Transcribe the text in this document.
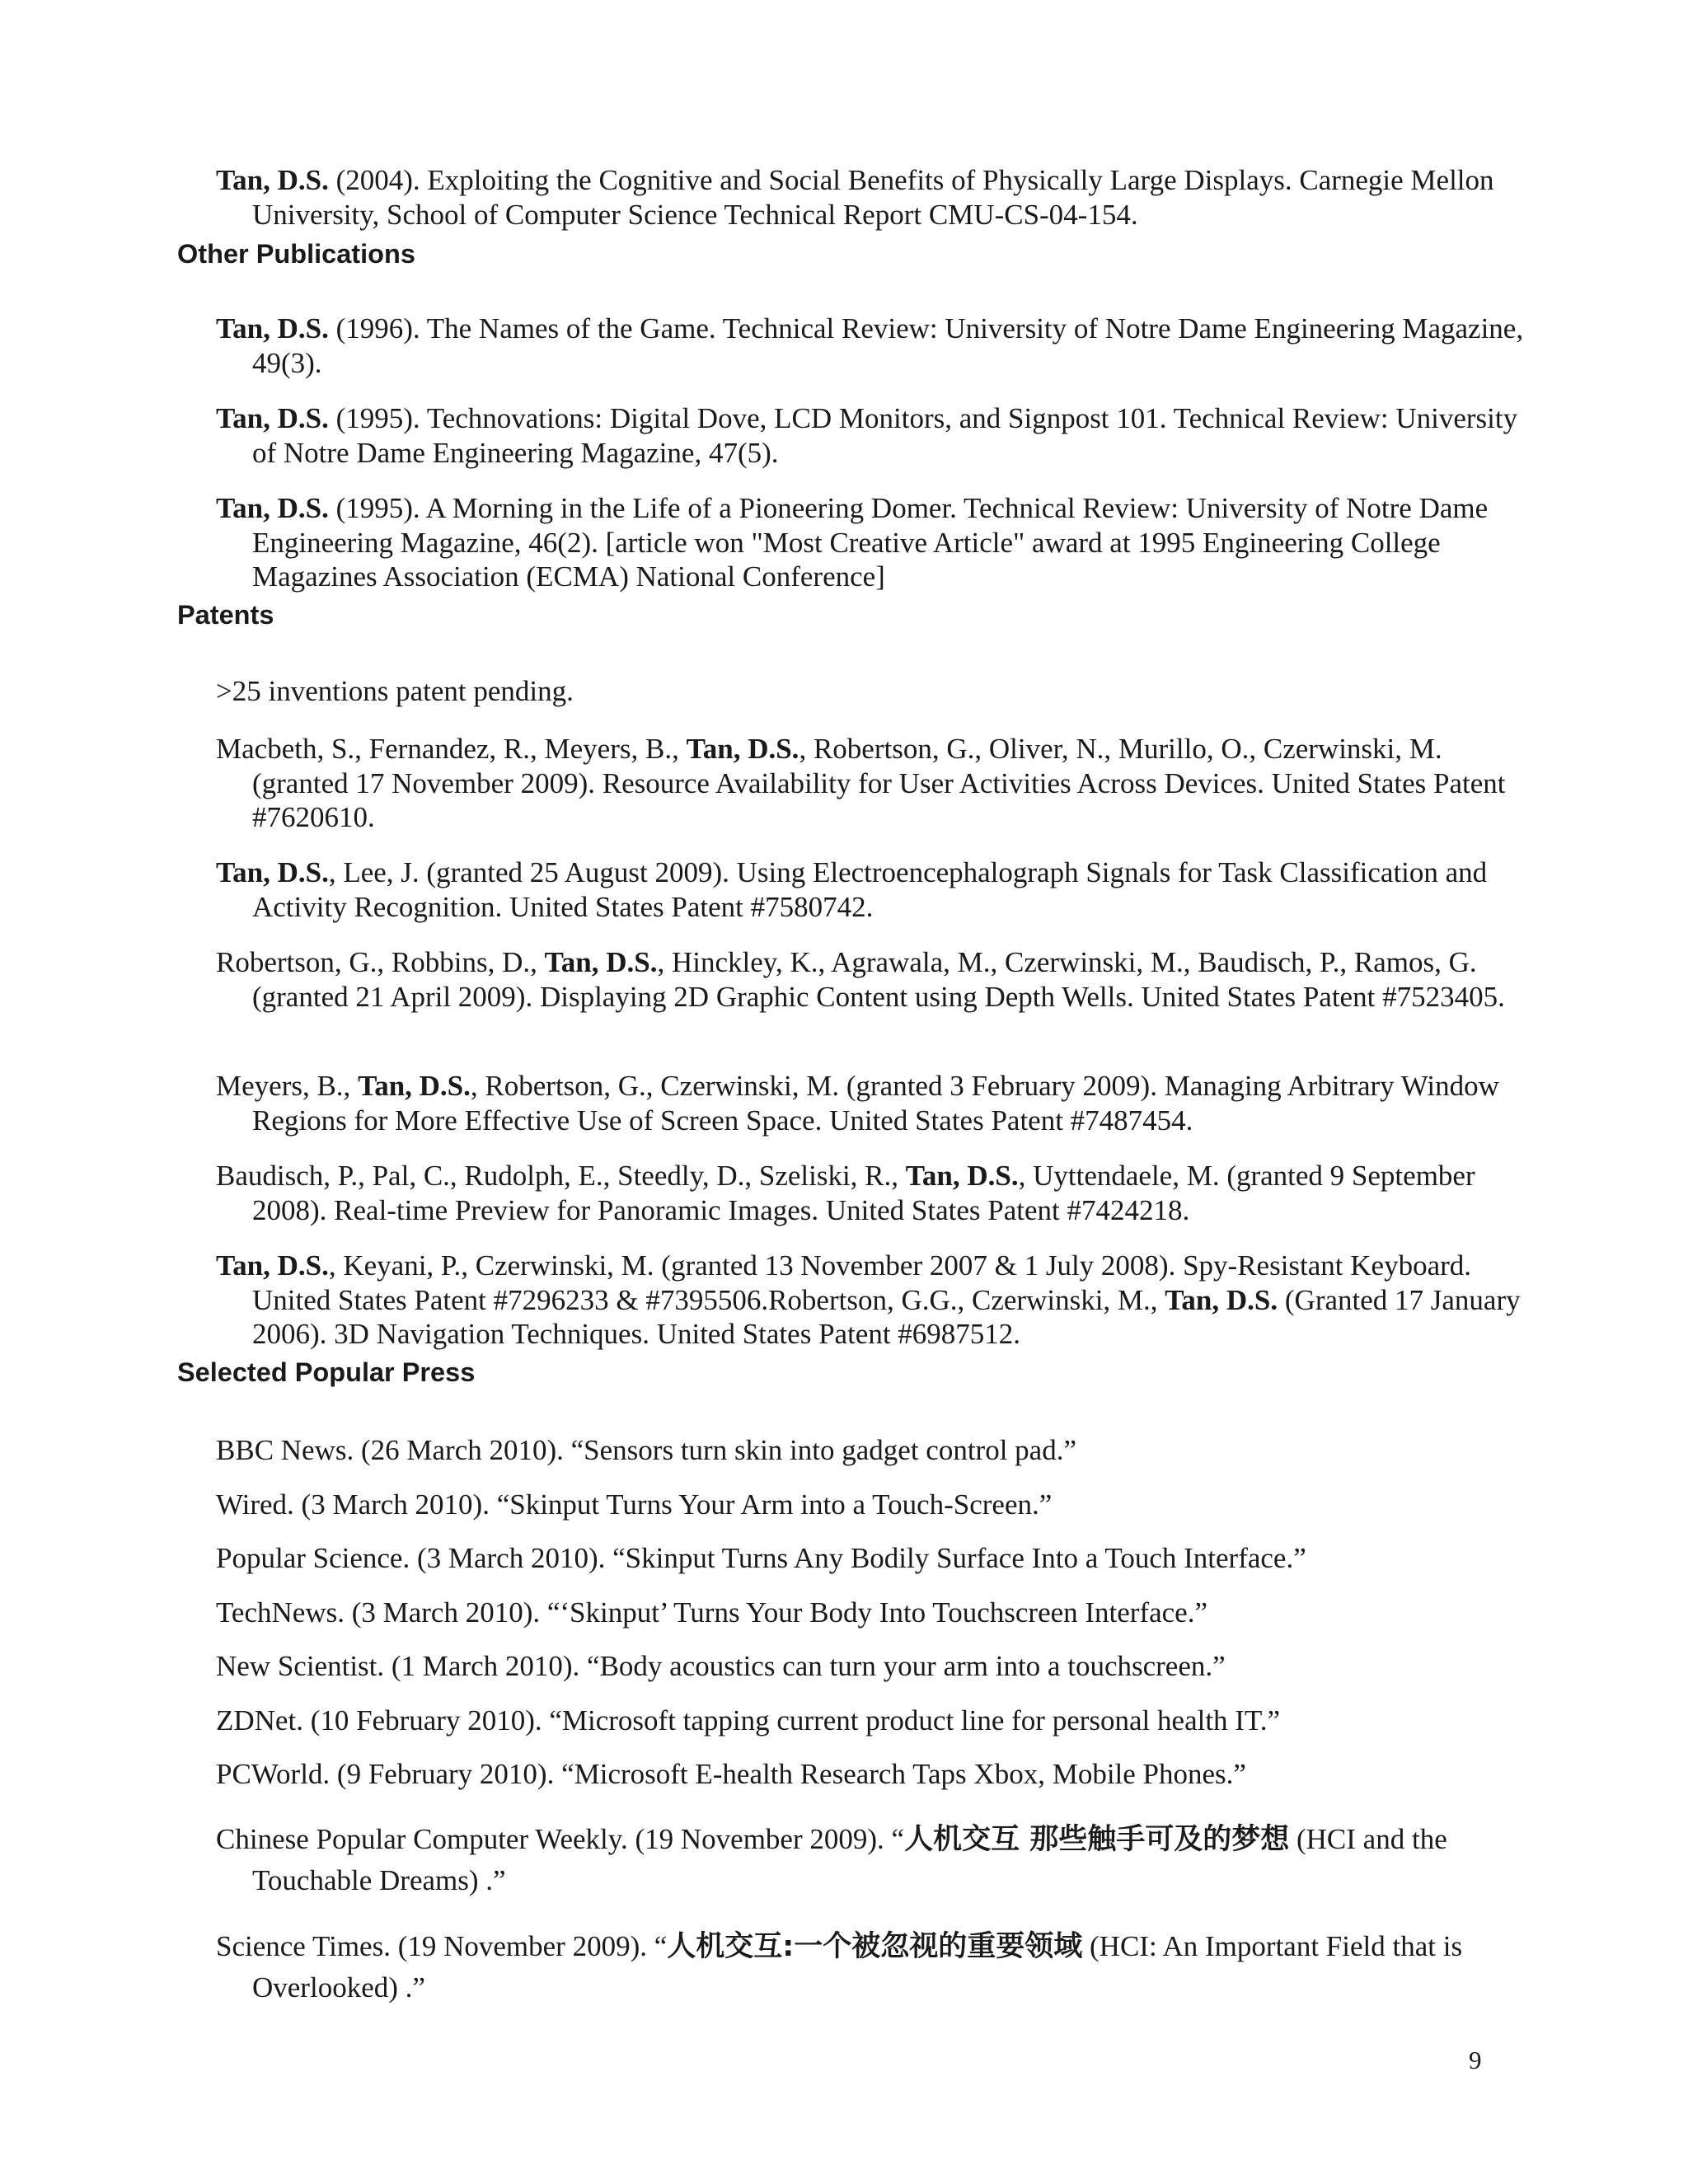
Tan, D.S. (2004). Exploiting the Cognitive and Social Benefits of Physically Large Displays. Carnegie Mellon University, School of Computer Science Technical Report CMU-CS-04-154.

Other Publications

Tan, D.S. (1996). The Names of the Game. Technical Review: University of Notre Dame Engineering Magazine, 49(3).

Tan, D.S. (1995). Technovations: Digital Dove, LCD Monitors, and Signpost 101. Technical Review: University of Notre Dame Engineering Magazine, 47(5).

Tan, D.S. (1995). A Morning in the Life of a Pioneering Domer. Technical Review: University of Notre Dame Engineering Magazine, 46(2). [article won "Most Creative Article" award at 1995 Engineering College Magazines Association (ECMA) National Conference]

Patents

>25 inventions patent pending.

Macbeth, S., Fernandez, R., Meyers, B., Tan, D.S., Robertson, G., Oliver, N., Murillo, O., Czerwinski, M. (granted 17 November 2009). Resource Availability for User Activities Across Devices. United States Patent #7620610.

Tan, D.S., Lee, J. (granted 25 August 2009). Using Electroencephalograph Signals for Task Classification and Activity Recognition. United States Patent #7580742.

Robertson, G., Robbins, D., Tan, D.S., Hinckley, K., Agrawala, M., Czerwinski, M., Baudisch, P., Ramos, G. (granted 21 April 2009). Displaying 2D Graphic Content using Depth Wells. United States Patent #7523405.

Meyers, B., Tan, D.S., Robertson, G., Czerwinski, M. (granted 3 February 2009). Managing Arbitrary Window Regions for More Effective Use of Screen Space. United States Patent #7487454.

Baudisch, P., Pal, C., Rudolph, E., Steedly, D., Szeliski, R., Tan, D.S., Uyttendaele, M. (granted 9 September 2008). Real-time Preview for Panoramic Images. United States Patent #7424218.

Tan, D.S., Keyani, P., Czerwinski, M. (granted 13 November 2007 & 1 July 2008). Spy-Resistant Keyboard. United States Patent #7296233 & #7395506.Robertson, G.G., Czerwinski, M., Tan, D.S. (Granted 17 January 2006). 3D Navigation Techniques. United States Patent #6987512.

Selected Popular Press

BBC News. (26 March 2010). “Sensors turn skin into gadget control pad.”

Wired. (3 March 2010). “Skinput Turns Your Arm into a Touch-Screen.”

Popular Science. (3 March 2010). “Skinput Turns Any Bodily Surface Into a Touch Interface.”

TechNews. (3 March 2010). “‘Skinput’ Turns Your Body Into Touchscreen Interface.”

New Scientist. (1 March 2010). “Body acoustics can turn your arm into a touchscreen.”

ZDNet. (10 February 2010). “Microsoft tapping current product line for personal health IT.”

PCWorld. (9 February 2010). “Microsoft E-health Research Taps Xbox, Mobile Phones.”

Chinese Popular Computer Weekly. (19 November 2009). “人机交互 那些触手可及的梦想 (HCI and the Touchable Dreams) .”

Science Times. (19 November 2009). “人机交互:一个被忽视的重要领域 (HCI: An Important Field that is Overlooked) .”

9
